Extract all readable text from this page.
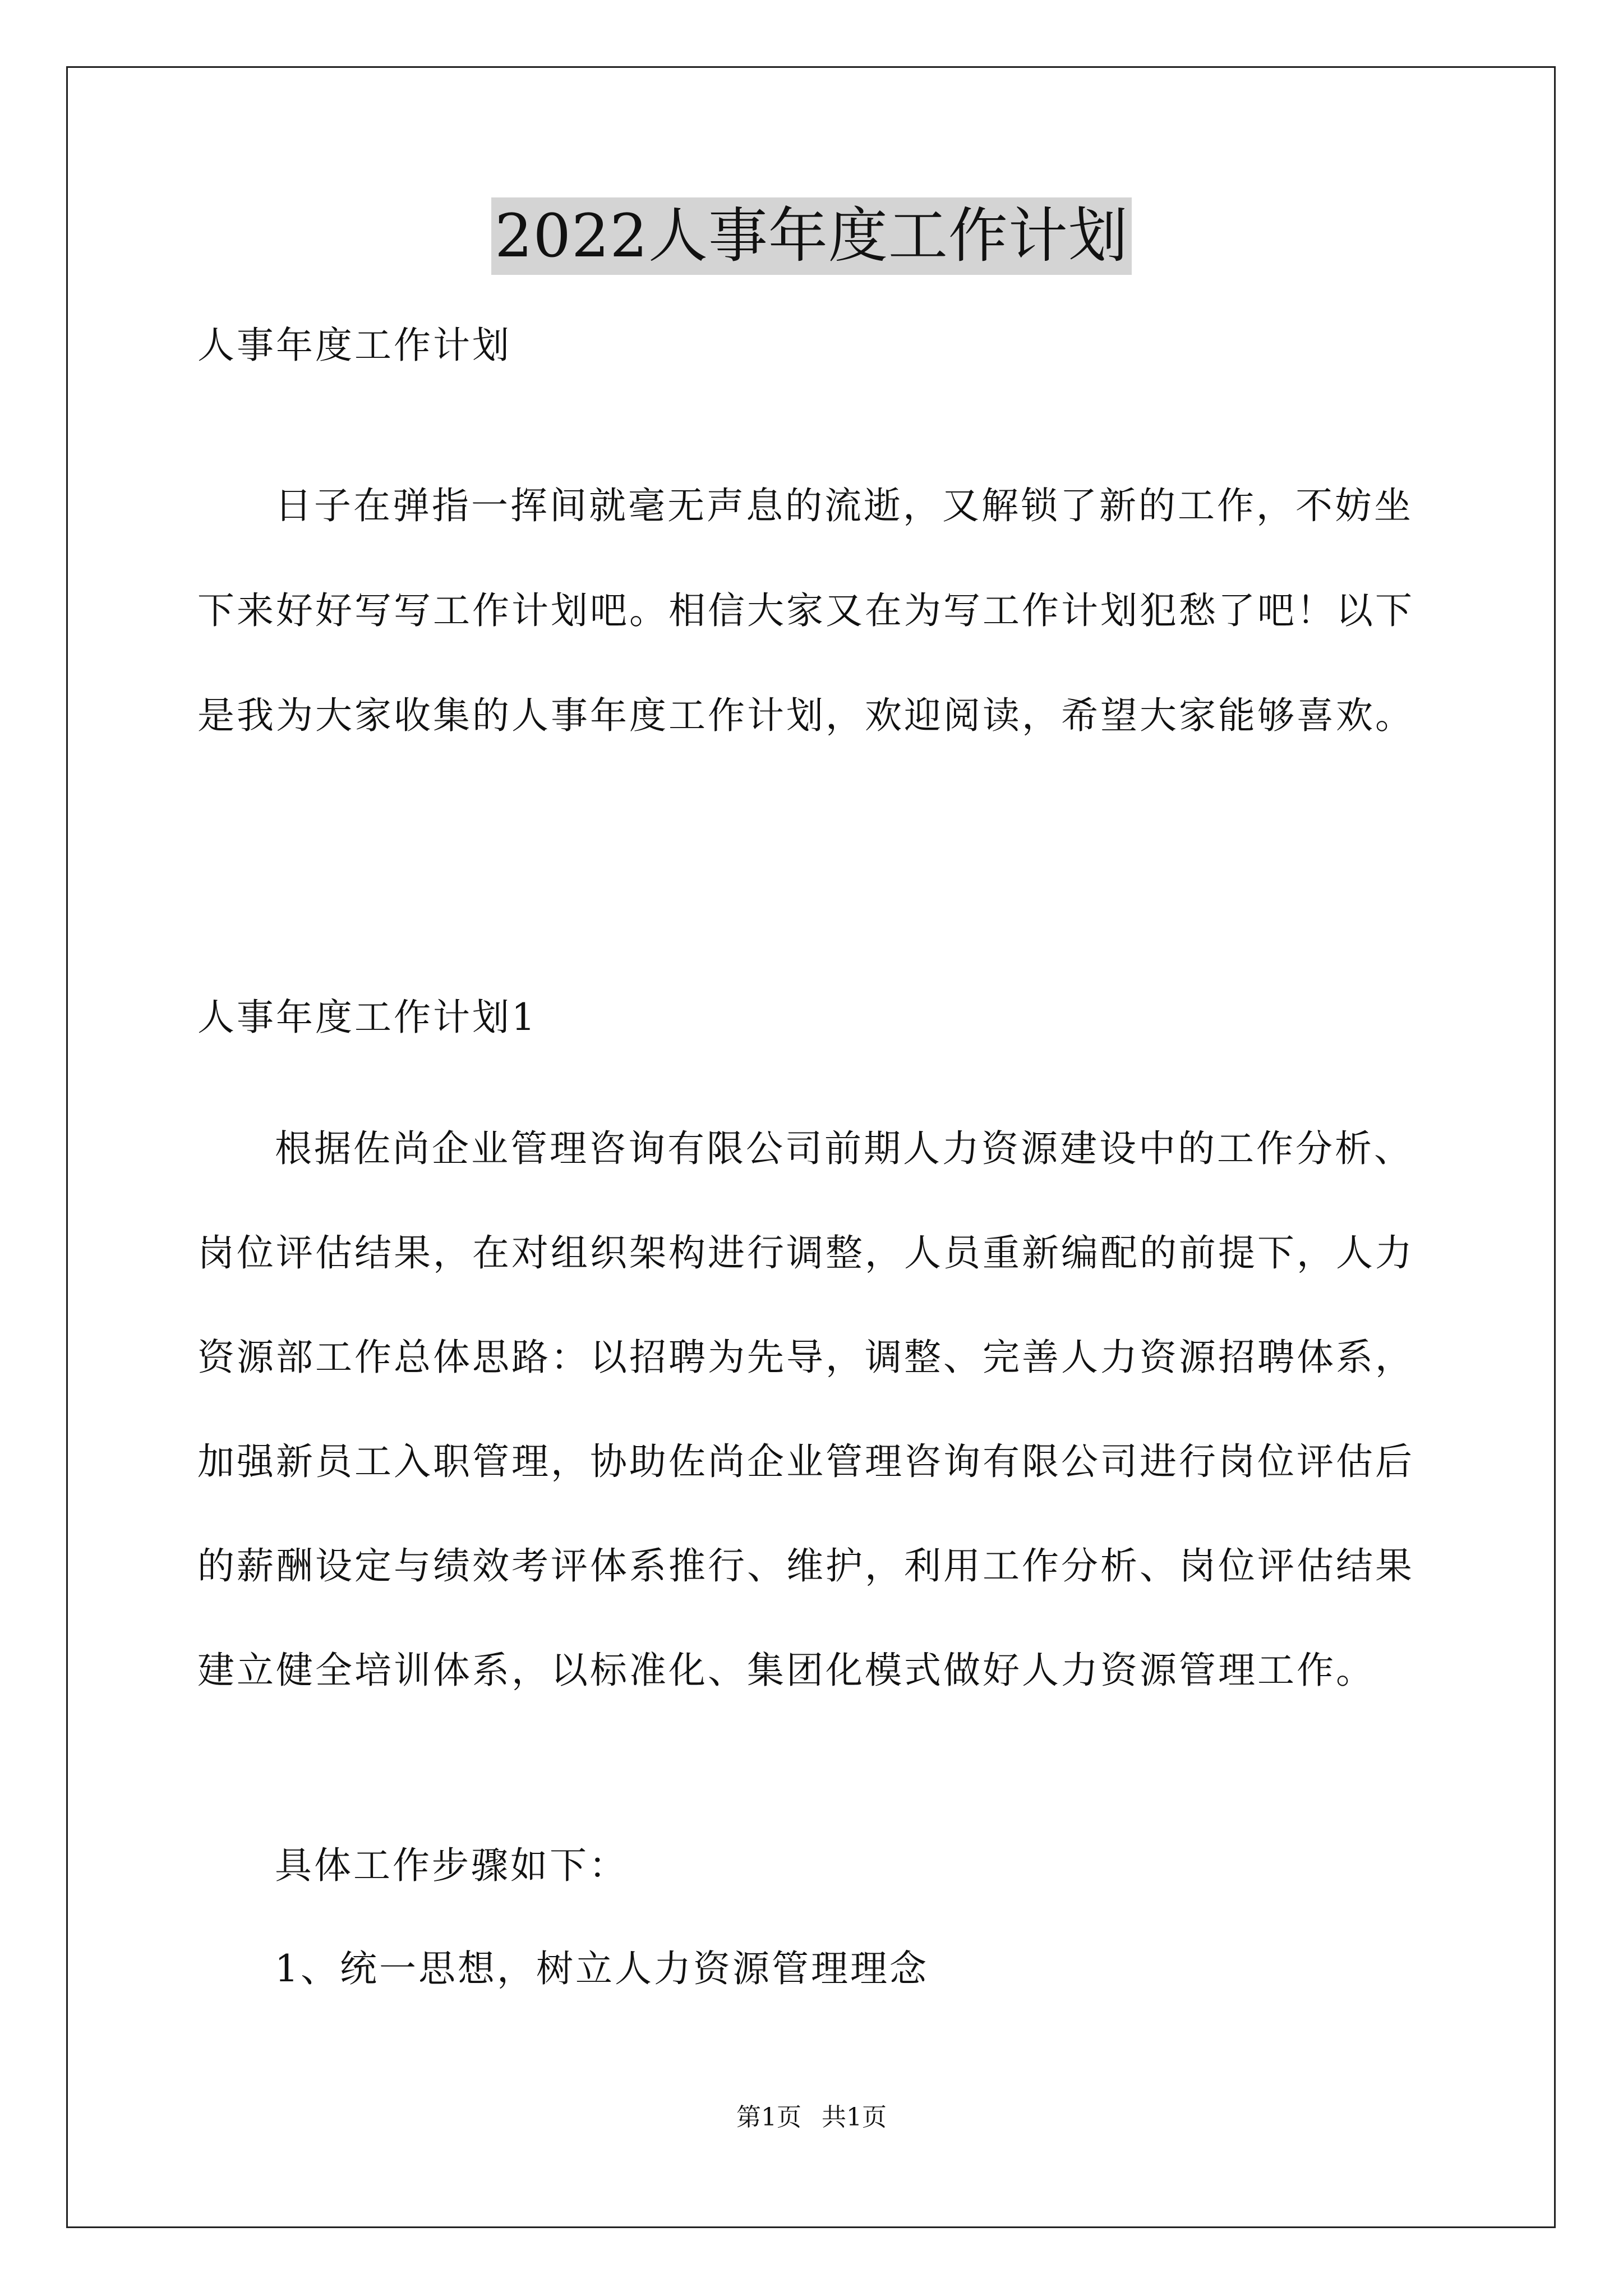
2022人事年度工作计划

人事年度工作计划

日子在弹指一挥间就毫无声息的流逝，又解锁了新的工作，不妨坐下来好好写写工作计划吧。相信大家又在为写工作计划犯愁了吧！以下是我为大家收集的人事年度工作计划，欢迎阅读，希望大家能够喜欢。

人事年度工作计划1

根据佐尚企业管理咨询有限公司前期人力资源建设中的工作分析、岗位评估结果，在对组织架构进行调整，人员重新编配的前提下，人力资源部工作总体思路：以招聘为先导，调整、完善人力资源招聘体系，加强新员工入职管理，协助佐尚企业管理咨询有限公司进行岗位评估后的薪酬设定与绩效考评体系推行、维护，利用工作分析、岗位评估结果建立健全培训体系，以标准化、集团化模式做好人力资源管理工作。

具体工作步骤如下：

1、统一思想，树立人力资源管理理念

第1页 共1页
